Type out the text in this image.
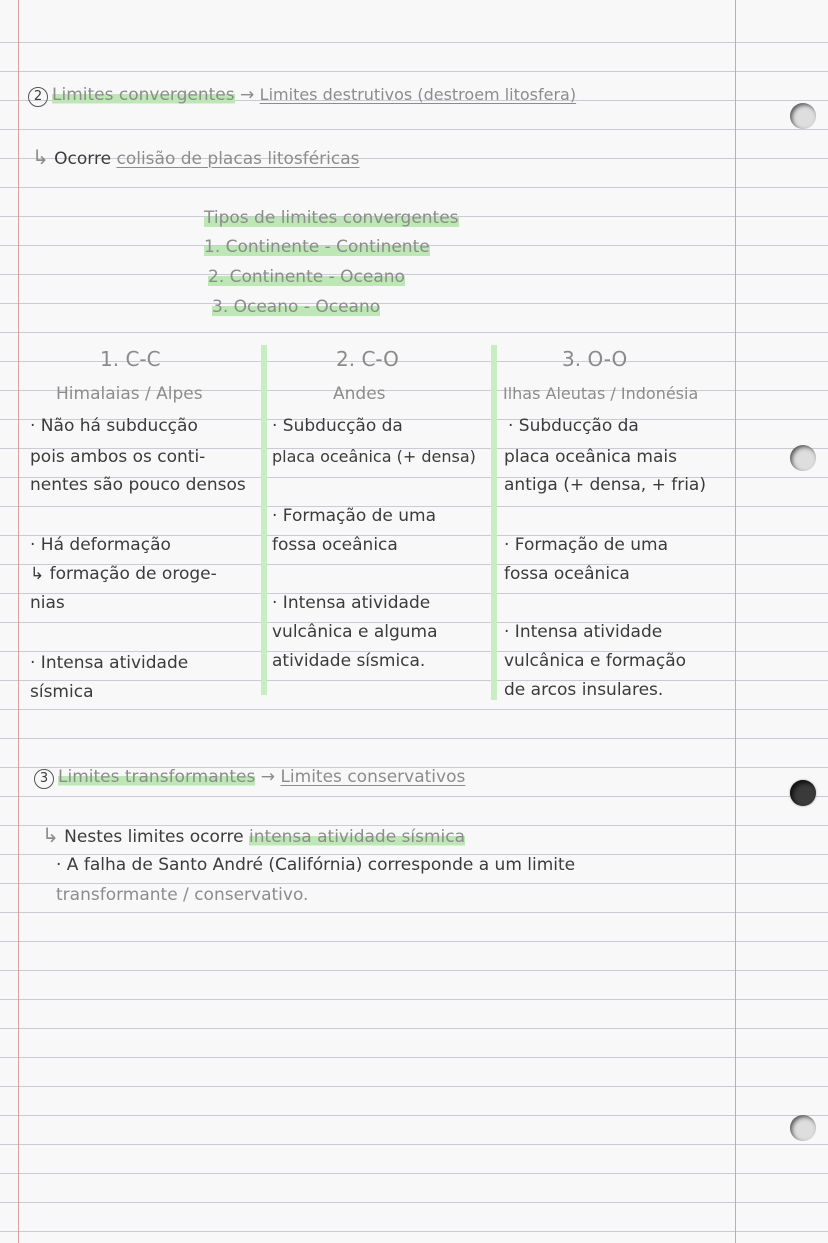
2 Limites convergentes → Limites destrutivos (destroem litosfera)
↳ Ocorre colisão de placas litosféricas
Tipos de limites convergentes
1. Continente - Continente
2. Continente - Oceano
3. Oceano - Oceano
1. C-C
Himalaias / Alpes
· Não há subducção
pois ambos os conti-
nentes são pouco densos
· Há deformação
↳ formação de oroge-
nias
· Intensa atividade
sísmica
2. C-O
Andes
· Subducção da
placa oceânica (+ densa)
· Formação de uma
fossa oceânica
· Intensa atividade
vulcânica e alguma
atividade sísmica.
3. O-O
Ilhas Aleutas / Indonésia
· Subducção da
placa oceânica mais
antiga (+ densa, + fria)
· Formação de uma
fossa oceânica
· Intensa atividade
vulcânica e formação
de arcos insulares.
3 Limites transformantes → Limites conservativos
↳ Nestes limites ocorre intensa atividade sísmica
· A falha de Santo André (Califórnia) corresponde a um limite
transformante / conservativo.
